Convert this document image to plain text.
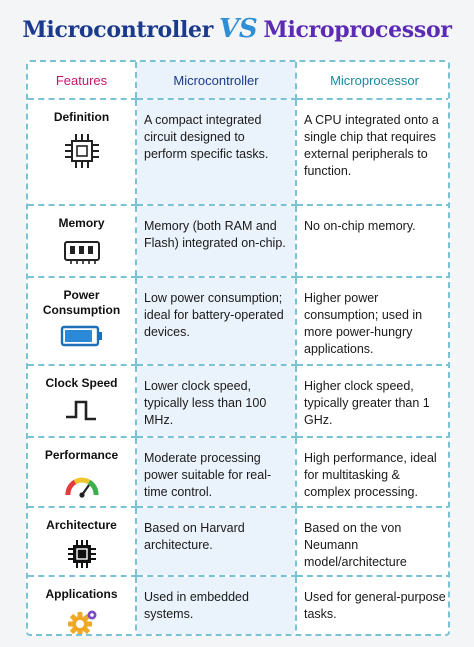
Microcontroller VS Microprocessor
Features	Microcontroller	Microprocessor

Definition	A compact integrated circuit designed to perform specific tasks.	A CPU integrated onto a single chip that requires external peripherals to function.

Memory	Memory (both RAM and Flash) integrated on-chip.	No on-chip memory.

Power Consumption	Low power consumption; ideal for battery-operated devices.	Higher power consumption; used in more power-hungry applications.

Clock Speed	Lower clock speed, typically less than 100 MHz.	Higher clock speed, typically greater than 1 GHz.

Performance	Moderate processing power suitable for real-time control.	High performance, ideal for multitasking & complex processing.

Architecture	Based on Harvard architecture.	Based on the von Neumann model/architecture

Applications	Used in embedded systems.	Used for general-purpose tasks.
